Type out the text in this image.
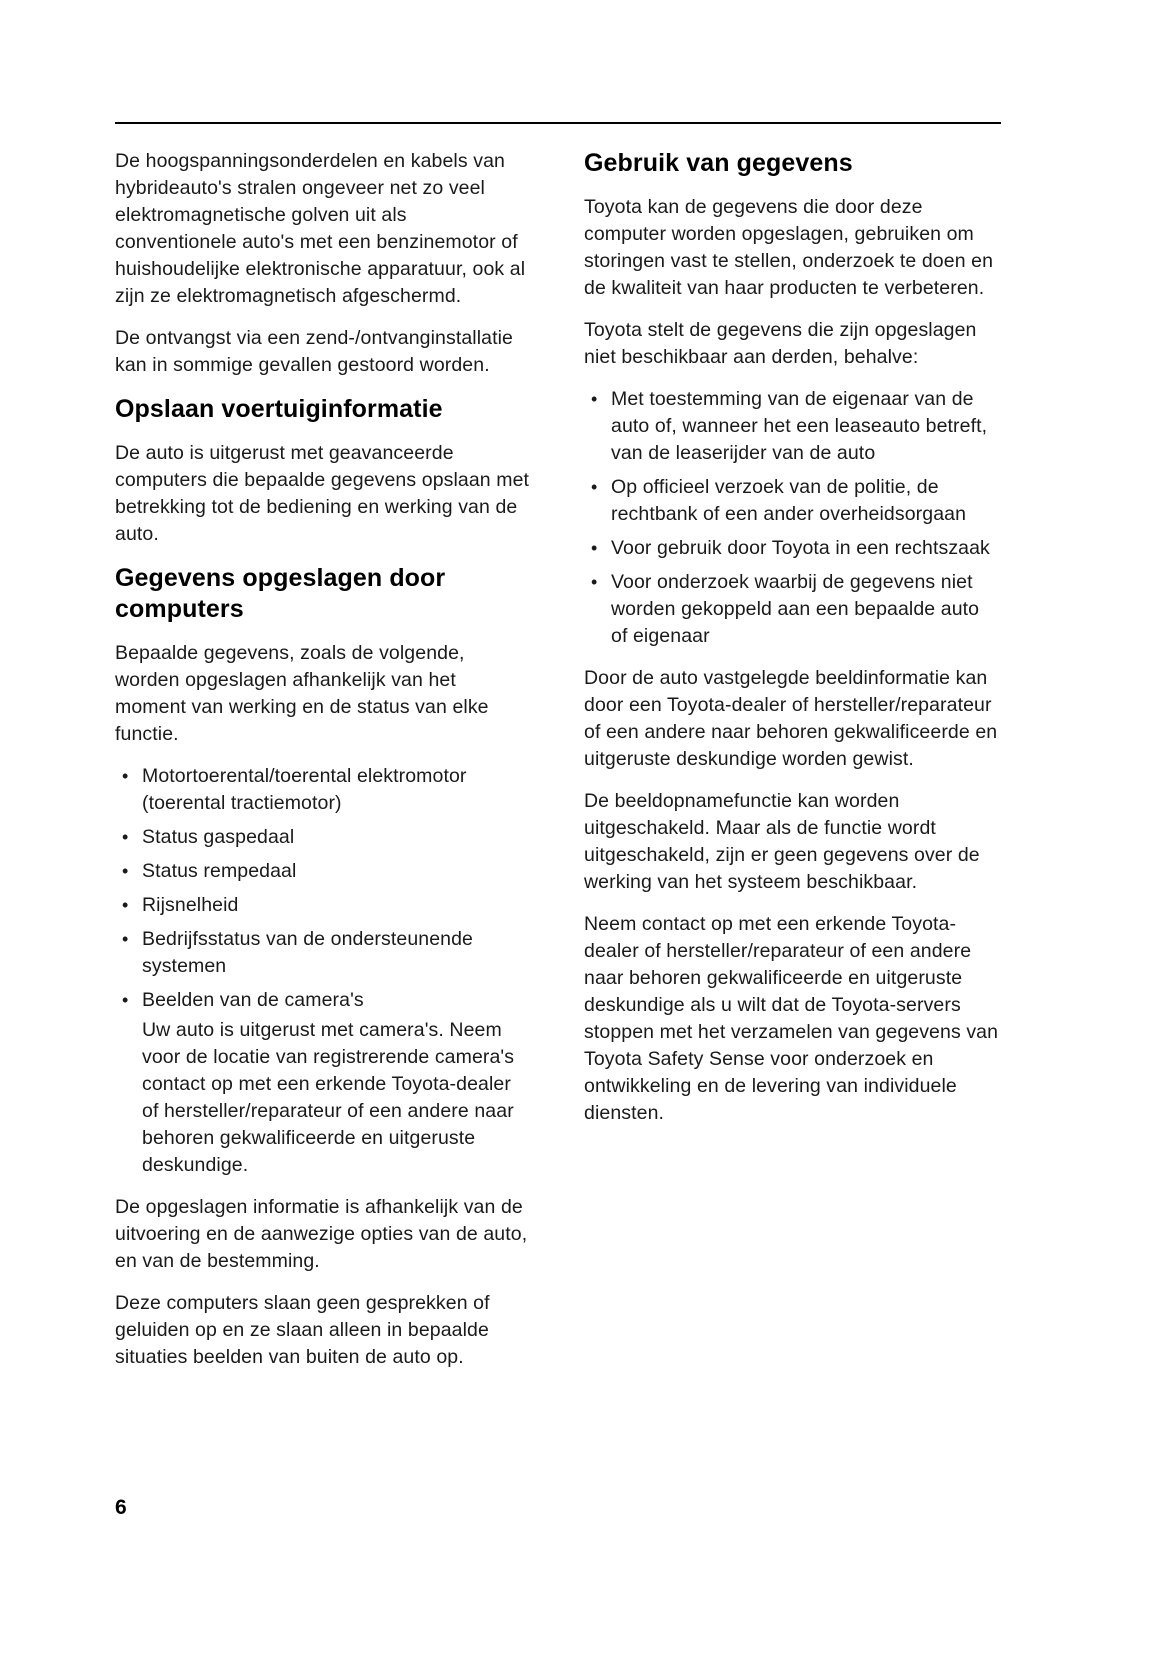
De hoogspanningsonderdelen en kabels van hybrideauto's stralen ongeveer net zo veel elektromagnetische golven uit als conventionele auto's met een benzinemotor of huishoudelijke elektronische apparatuur, ook al zijn ze elektromagnetisch afgeschermd.

De ontvangst via een zend-/ontvanginstallatie kan in sommige gevallen gestoord worden.

Opslaan voertuiginformatie

De auto is uitgerust met geavanceerde computers die bepaalde gegevens opslaan met betrekking tot de bediening en werking van de auto.

Gegevens opgeslagen door computers

Bepaalde gegevens, zoals de volgende, worden opgeslagen afhankelijk van het moment van werking en de status van elke functie.

• Motortoerental/toerental elektromotor (toerental tractiemotor)
• Status gaspedaal
• Status rempedaal
• Rijsnelheid
• Bedrijfsstatus van de ondersteunende systemen
• Beelden van de camera's
Uw auto is uitgerust met camera's. Neem voor de locatie van registrerende camera's contact op met een erkende Toyota-dealer of hersteller/reparateur of een andere naar behoren gekwalificeerde en uitgeruste deskundige.

De opgeslagen informatie is afhankelijk van de uitvoering en de aanwezige opties van de auto, en van de bestemming.

Deze computers slaan geen gesprekken of geluiden op en ze slaan alleen in bepaalde situaties beelden van buiten de auto op.

Gebruik van gegevens

Toyota kan de gegevens die door deze computer worden opgeslagen, gebruiken om storingen vast te stellen, onderzoek te doen en de kwaliteit van haar producten te verbeteren.

Toyota stelt de gegevens die zijn opgeslagen niet beschikbaar aan derden, behalve:

• Met toestemming van de eigenaar van de auto of, wanneer het een leaseauto betreft, van de leaserijder van de auto
• Op officieel verzoek van de politie, de rechtbank of een ander overheidsorgaan
• Voor gebruik door Toyota in een rechtszaak
• Voor onderzoek waarbij de gegevens niet worden gekoppeld aan een bepaalde auto of eigenaar

Door de auto vastgelegde beeldinformatie kan door een Toyota-dealer of hersteller/reparateur of een andere naar behoren gekwalificeerde en uitgeruste deskundige worden gewist.

De beeldopnamefunctie kan worden uitgeschakeld. Maar als de functie wordt uitgeschakeld, zijn er geen gegevens over de werking van het systeem beschikbaar.

Neem contact op met een erkende Toyota-dealer of hersteller/reparateur of een andere naar behoren gekwalificeerde en uitgeruste deskundige als u wilt dat de Toyota-servers stoppen met het verzamelen van gegevens van Toyota Safety Sense voor onderzoek en ontwikkeling en de levering van individuele diensten.

6
